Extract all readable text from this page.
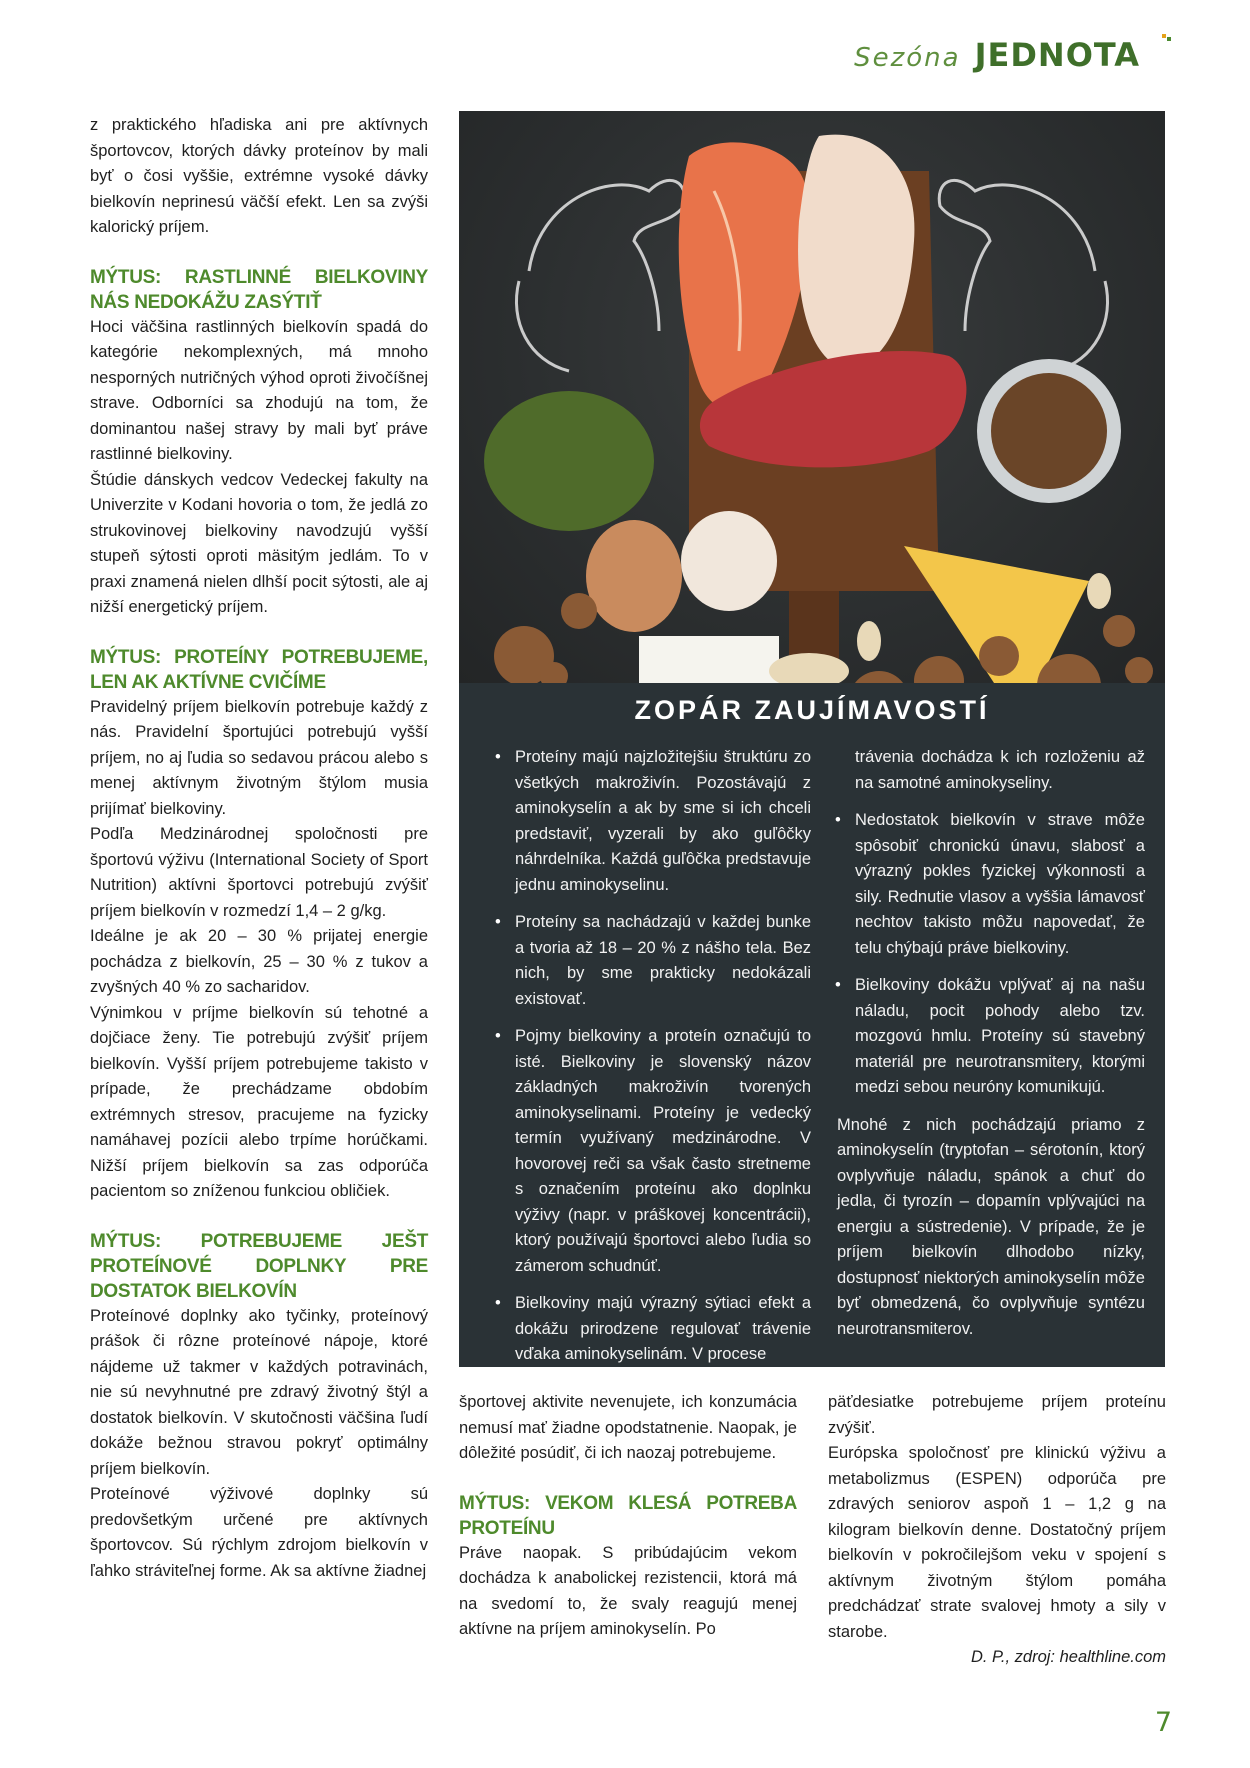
Sezóna JEDNOTA

z praktického hľadiska ani pre aktívnych športovcov, ktorých dávky proteínov by mali byť o čosi vyššie, extrémne vysoké dávky bielkovín neprinesú väčší efekt. Len sa zvýši kalorický príjem.

MÝTUS: RASTLINNÉ BIELKOVINY NÁS NEDOKÁŽU ZASÝTIŤ

Hoci väčšina rastlinných bielkovín spadá do kategórie nekomplexných, má mnoho nesporných nutričných výhod oproti živočíšnej strave. Odborníci sa zhodujú na tom, že dominantou našej stravy by mali byť práve rastlinné bielkoviny.

Štúdie dánskych vedcov Vedeckej fakulty na Univerzite v Kodani hovoria o tom, že jedlá zo strukovinovej bielkoviny navodzujú vyšší stupeň sýtosti oproti mäsitým jedlám. To v praxi znamená nielen dlhší pocit sýtosti, ale aj nižší energetický príjem.

MÝTUS: PROTEÍNY POTREBUJEME, LEN AK AKTÍVNE CVIČÍME

Pravidelný príjem bielkovín potrebuje každý z nás. Pravidelní športujúci potrebujú vyšší príjem, no aj ľudia so sedavou prácou alebo s menej aktívnym životným štýlom musia prijímať bielkoviny.

Podľa Medzinárodnej spoločnosti pre športovú výživu (International Society of Sport Nutrition) aktívni športovci potrebujú zvýšiť príjem bielkovín v rozmedzí 1,4 – 2 g/kg.

Ideálne je ak 20 – 30 % prijatej energie pochádza z bielkovín, 25 – 30 % z tukov a zvyšných 40 % zo sacharidov.

Výnimkou v príjme bielkovín sú tehotné a dojčiace ženy. Tie potrebujú zvýšiť príjem bielkovín. Vyšší príjem potrebujeme takisto v prípade, že prechádzame obdobím extrémnych stresov, pracujeme na fyzicky namáhavej pozícii alebo trpíme horúčkami. Nižší príjem bielkovín sa zas odporúča pacientom so zníženou funkciou obličiek.

MÝTUS: POTREBUJEME JEŠT PROTEÍNOVÉ DOPLNKY PRE DOSTATOK BIELKOVÍN

Proteínové doplnky ako tyčinky, proteínový prášok či rôzne proteínové nápoje, ktoré nájdeme už takmer v každých potravinách, nie sú nevyhnutné pre zdravý životný štýl a dostatok bielkovín. V skutočnosti väčšina ľudí dokáže bežnou stravou pokryť optimálny príjem bielkovín.

Proteínové výživové doplnky sú predovšetkým určené pre aktívnych športovcov. Sú rýchlym zdrojom bielkovín v ľahko stráviteľnej forme. Ak sa aktívne žiadnej

ZOPÁR ZAUJÍMAVOSTÍ
• Proteíny majú najzložitejšiu štruktúru zo všetkých makroživín. Pozostávajú z aminokyselín a ak by sme si ich chceli predstaviť, vyzerali by ako guľôčky náhrdelníka. Každá guľôčka predstavuje jednu aminokyselinu.
• Proteíny sa nachádzajú v každej bunke a tvoria až 18 – 20 % z nášho tela. Bez nich, by sme prakticky nedokázali existovať.
• Pojmy bielkoviny a proteín označujú to isté. Bielkoviny je slovenský názov základných makroživín tvorených aminokyselinami. Proteíny je vedecký termín využívaný medzinárodne. V hovorovej reči sa však často stretneme s označením proteínu ako doplnku výživy (napr. v práškovej koncentrácii), ktorý používajú športovci alebo ľudia so zámerom schudnúť.
• Bielkoviny majú výrazný sýtiaci efekt a dokážu prirodzene regulovať trávenie vďaka aminokyselinám. V procese
trávenia dochádza k ich rozloženiu až na samotné aminokyseliny.
• Nedostatok bielkovín v strave môže spôsobiť chronickú únavu, slabosť a výrazný pokles fyzickej výkonnosti a sily. Rednutie vlasov a vyššia lámavosť nechtov takisto môžu napovedať, že telu chýbajú práve bielkoviny.
• Bielkoviny dokážu vplývať aj na našu náladu, pocit pohody alebo tzv. mozgovú hmlu. Proteíny sú stavebný materiál pre neurotransmitery, ktorými medzi sebou neuróny komunikujú.
Mnohé z nich pochádzajú priamo z aminokyselín (tryptofan – sérotonín, ktorý ovplyvňuje náladu, spánok a chuť do jedla, či tyrozín – dopamín vplývajúci na energiu a sústredenie). V prípade, že je príjem bielkovín dlhodobo nízky, dostupnosť niektorých aminokyselín môže byť obmedzená, čo ovplyvňuje syntézu neurotransmiterov.

športovej aktivite nevenujete, ich konzumácia nemusí mať žiadne opodstatnenie. Naopak, je dôležité posúdiť, či ich naozaj potrebujeme.

MÝTUS: VEKOM KLESÁ POTREBA PROTEÍNU

Práve naopak. S pribúdajúcim vekom dochádza k anabolickej rezistencii, ktorá má na svedomí to, že svaly reagujú menej aktívne na príjem aminokyselín. Po

päťdesiatke potrebujeme príjem proteínu zvýšiť.

Európska spoločnosť pre klinickú výživu a metabolizmus (ESPEN) odporúča pre zdravých seniorov aspoň 1 – 1,2 g na kilogram bielkovín denne. Dostatočný príjem bielkovín v pokročilejšom veku v spojení s aktívnym životným štýlom pomáha predchádzať strate svalovej hmoty a sily v starobe.

D. P., zdroj: healthline.com

7
